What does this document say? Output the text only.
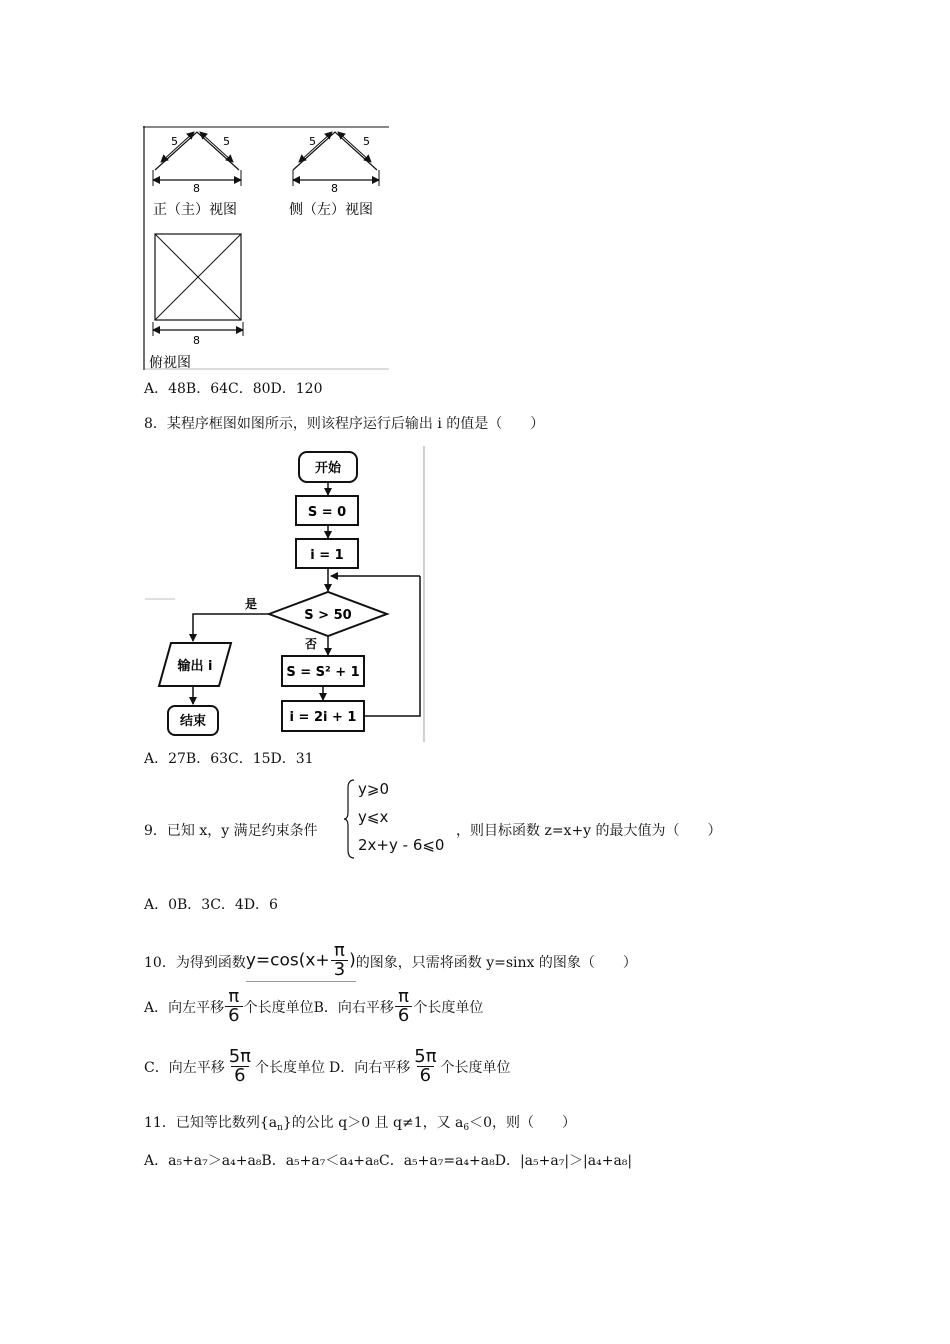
5	5
8
正（主）视图
5	5
8
侧（左）视图
8
俯视图
A．48B．64C．80D．120
8．某程序框图如图所示，则该程序运行后输出 i 的值是（　　）
开始
S = 0
i = 1
S > 50
是
输出 i
结束
否
S = S² + 1
i = 2i + 1
A．27B．63C．15D．31
9．已知 x，y 满足约束条件
y⩾0
y⩽x
2x+y - 6⩽0
，则目标函数 z=x+y 的最大值为（　　）
A．0B．3C．4D．6
10．为得到函数 $y=\cos(x+ \frac{\pi}{3}$ ) 的图象，只需将函数 y=sinx 的图象（　　）
A．向左平移 $\frac{\pi}{6}$ 个长度单位 B．向右平移 $\frac{\pi}{6}$ 个长度单位
C．向左平移 $\frac{5\pi}{6}$ 个长度单位 D．向右平移 $\frac{5\pi}{6}$ 个长度单位
11．已知等比数列$\{a_n\}$的公比 q＞0 且 q≠1，又 $a_6<0$，则（　　）
A．a₅+a₇＞a₄+a₈B．a₅+a₇＜a₄+a₈C．a₅+a₇=a₄+a₈D．|a₅+a₇|＞|a₄+a₈|
